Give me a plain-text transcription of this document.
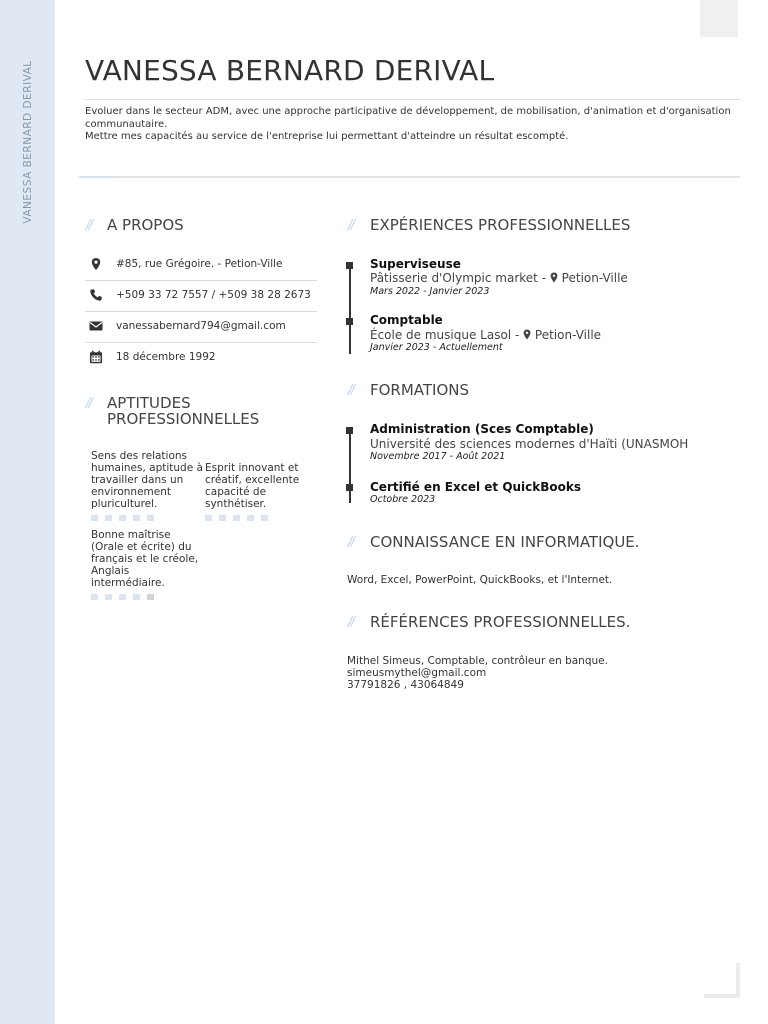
VANESSA BERNARD DERIVAL VANESSA BERNARD DERIVAL
Evoluer dans le secteur ADM, avec une approche participative de développement, de mobilisation, d'animation et d'organisation communautaire.
Mettre mes capacités au service de l'entreprise lui permettant d'atteindre un résultat escompté.
// A PROPOS
#85, rue Grégoire. - Petion-Ville
+509 33 72 7557 / +509 38 28 2673
vanessabernard794@gmail.com
18 décembre 1992
// APTITUDES
PROFESSIONNELLES
Sens des relations
humaines, aptitude à
travailler dans un
environnement
pluriculturel.
Esprit innovant et
créatif, excellente
capacité de
synthétiser.
Bonne maîtrise
(Orale et écrite) du
français et le créole,
Anglais
intermédiaire.
// EXPÉRIENCES PROFESSIONNELLES
Superviseuse
Pâtisserie d'Olympic market -  Petion-Ville
Mars 2022 - Janvier 2023
Comptable
École de musique Lasol -  Petion-Ville
Janvier 2023 - Actuellement
// FORMATIONS
Administration (Sces Comptable)
Université des sciences modernes d'Haïti (UNASMOH
Novembre 2017 - Août 2021
Certifié en Excel et QuickBooks
Octobre 2023
// CONNAISSANCE EN INFORMATIQUE.
Word, Excel, PowerPoint, QuickBooks, et l'Internet.
// RÉFÉRENCES PROFESSIONNELLES.
Mithel Simeus, Comptable, contrôleur en banque.
simeusmythel@gmail.com
37791826 , 43064849
